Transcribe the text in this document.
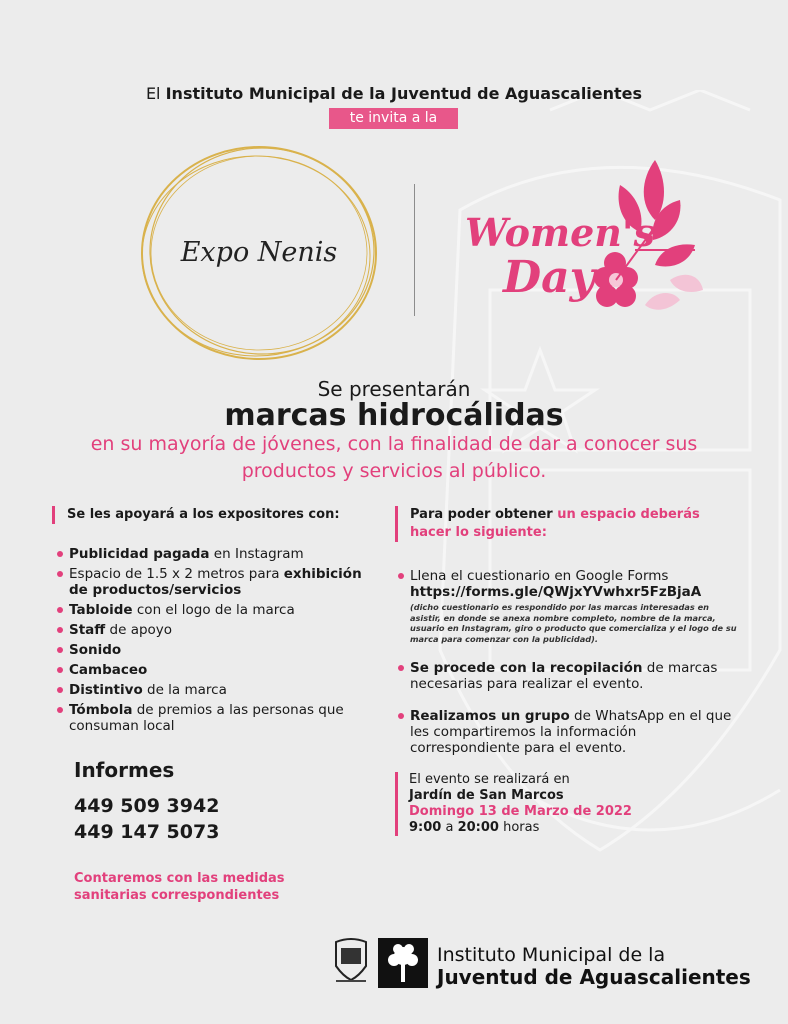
El Instituto Municipal de la Juventud de Aguascalientes
te invita a la
Expo Nenis	Women's
Day
Se presentarán
marcas hidrocálidas
en su mayoría de jóvenes, con la finalidad de dar a conocer sus productos y servicios al público.
Se les apoyará a los expositores con:
Publicidad pagada en Instagram
Espacio de 1.5 x 2 metros para exhibición de productos/servicios
Tabloide con el logo de la marca
Staff de apoyo
Sonido
Cambaceo
Distintivo de la marca
Tómbola de premios a las personas que consuman local
Informes
449 509 3942
449 147 5073
Contaremos con las medidas sanitarias correspondientes
Para poder obtener un espacio deberás hacer lo siguiente:
Llena el cuestionario en Google Forms
https://forms.gle/QWjxYVwhxr5FzBjaA
(dicho cuestionario es respondido por las marcas interesadas en asistir, en donde se anexa nombre completo, nombre de la marca, usuario en Instagram, giro o producto que comercializa y el logo de su marca para comenzar con la publicidad).
Se procede con la recopilación de marcas necesarias para realizar el evento.
Realizamos un grupo de WhatsApp en el que les compartiremos la información correspondiente para el evento.
El evento se realizará en
Jardín de San Marcos
Domingo 13 de Marzo de 2022
9:00 a 20:00 horas
Instituto Municipal de la
Juventud de Aguascalientes
